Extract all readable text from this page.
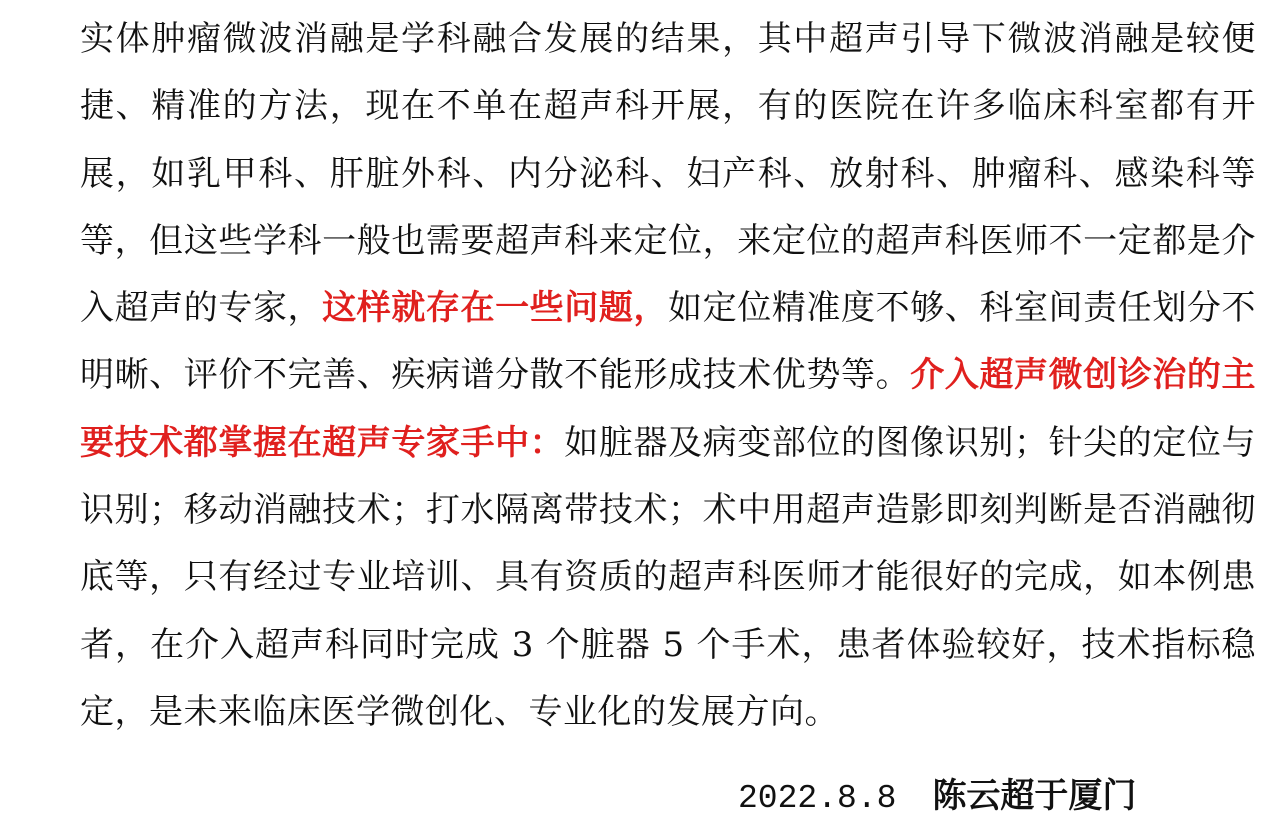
实体肿瘤微波消融是学科融合发展的结果，其中超声引导下微波消融是较便捷、精准的方法，现在不单在超声科开展，有的医院在许多临床科室都有开展，如乳甲科、肝脏外科、内分泌科、妇产科、放射科、肿瘤科、感染科等等，但这些学科一般也需要超声科来定位，来定位的超声科医师不一定都是介入超声的专家，这样就存在一些问题，如定位精准度不够、科室间责任划分不明晰、评价不完善、疾病谱分散不能形成技术优势等。介入超声微创诊治的主要技术都掌握在超声专家手中：如脏器及病变部位的图像识别；针尖的定位与识别；移动消融技术；打水隔离带技术；术中用超声造影即刻判断是否消融彻底等，只有经过专业培训、具有资质的超声科医师才能很好的完成，如本例患者，在介入超声科同时完成 3 个脏器 5 个手术，患者体验较好，技术指标稳定，是未来临床医学微创化、专业化的发展方向。

2022.8.8 陈云超于厦门
